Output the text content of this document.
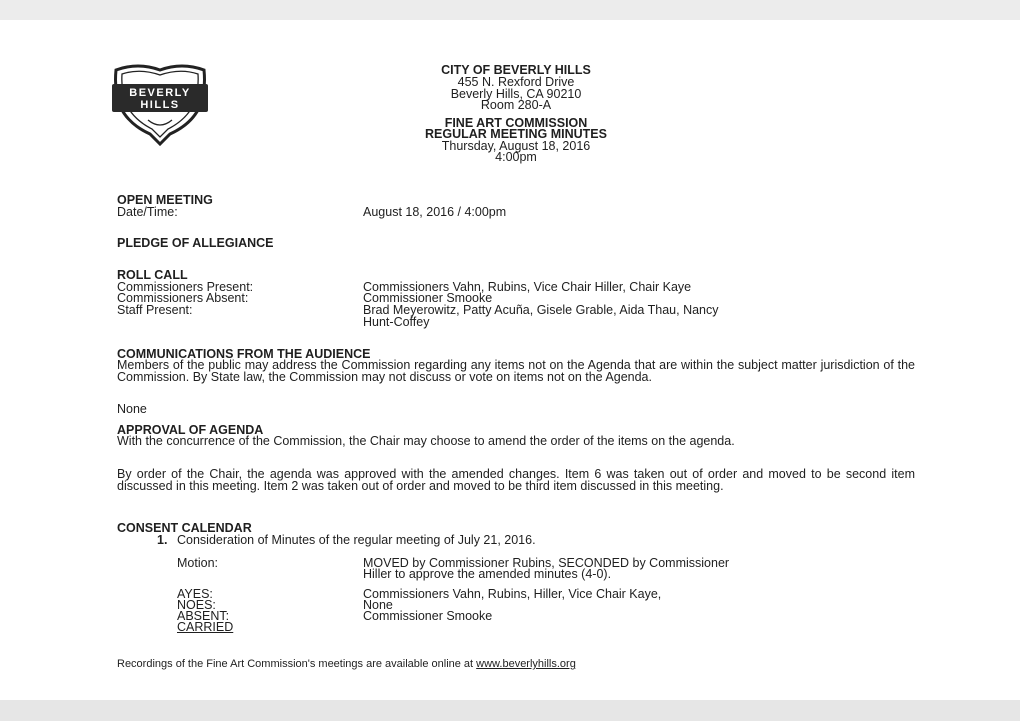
BEVERLY
HILLS
CITY OF BEVERLY HILLS
455 N. Rexford Drive
Beverly Hills, CA 90210
Room 280-A
FINE ART COMMISSION
REGULAR MEETING MINUTES
Thursday, August 18, 2016
4:00pm
OPEN MEETING
Date/Time:	August 18, 2016 / 4:00pm
PLEDGE OF ALLEGIANCE
ROLL CALL
Commissioners Present:	Commissioners Vahn, Rubins, Vice Chair Hiller, Chair Kaye
Commissioners Absent:	Commissioner Smooke
Staff Present:	Brad Meyerowitz, Patty Acuña, Gisele Grable, Aida Thau, Nancy
Hunt-Coffey
COMMUNICATIONS FROM THE AUDIENCE
Members of the public may address the Commission regarding any items not on the Agenda that are within the subject matter jurisdiction of the Commission. By State law, the Commission may not discuss or vote on items not on the Agenda.
None
APPROVAL OF AGENDA
With the concurrence of the Commission, the Chair may choose to amend the order of the items on the agenda.
By order of the Chair, the agenda was approved with the amended changes. Item 6 was taken out of order and moved to be second item discussed in this meeting. Item 2 was taken out of order and moved to be third item discussed in this meeting.
CONSENT CALENDAR
1. Consideration of Minutes of the regular meeting of July 21, 2016.
Motion:	MOVED by Commissioner Rubins, SECONDED by Commissioner
Hiller to approve the amended minutes (4-0).
AYES:	Commissioners Vahn, Rubins, Hiller, Vice Chair Kaye,
NOES:	None
ABSENT:	Commissioner Smooke
CARRIED
Recordings of the Fine Art Commission's meetings are available online at www.beverlyhills.org
